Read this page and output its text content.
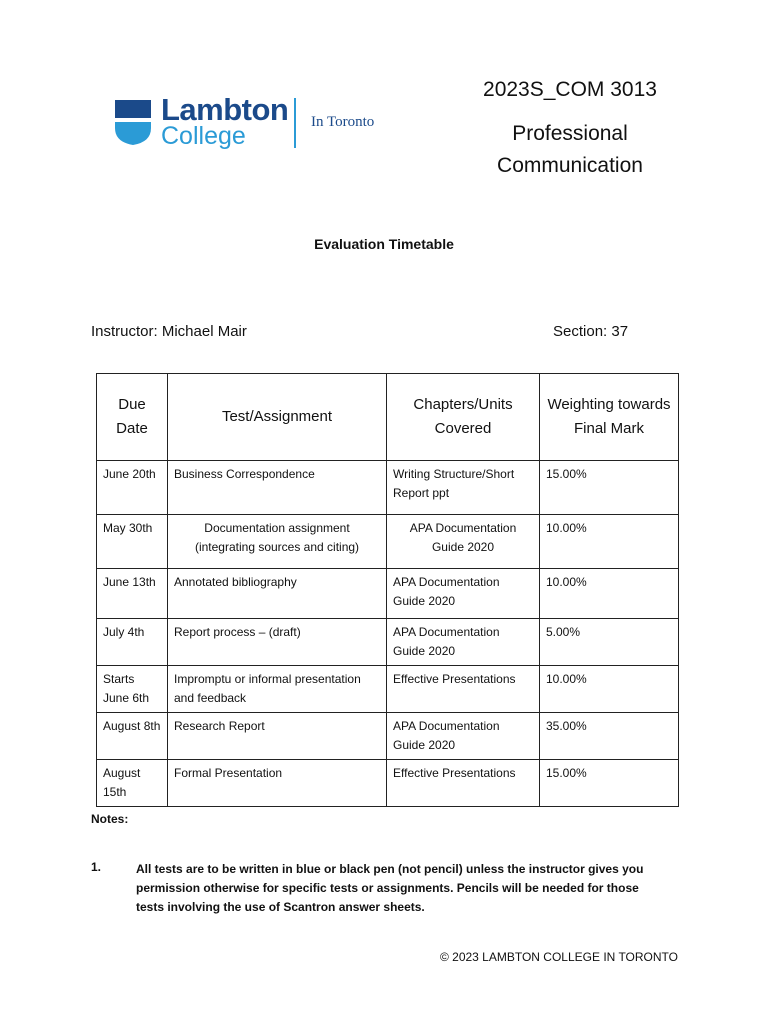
Lambton
College	In Toronto
2023S_COM 3013
Professional Communication
Evaluation Timetable
Instructor: Michael Mair	Section: 37
Due Date	Test/Assignment	Chapters/Units Covered	Weighting towards Final Mark
June 20th	Business Correspondence	Writing Structure/Short Report ppt	15.00%
May 30th	Documentation assignment (integrating sources and citing)	APA Documentation Guide 2020	10.00%
June 13th	Annotated bibliography	APA Documentation Guide 2020	10.00%
July 4th	Report process – (draft)	APA Documentation Guide 2020	5.00%
Starts June 6th	Impromptu or informal presentation and feedback	Effective Presentations	10.00%
August 8th	Research Report	APA Documentation Guide 2020	35.00%
August 15th	Formal Presentation	Effective Presentations	15.00%
Notes:
1.	All tests are to be written in blue or black pen (not pencil) unless the instructor gives you permission otherwise for specific tests or assignments. Pencils will be needed for those tests involving the use of Scantron answer sheets.
© 2023 LAMBTON COLLEGE IN TORONTO
